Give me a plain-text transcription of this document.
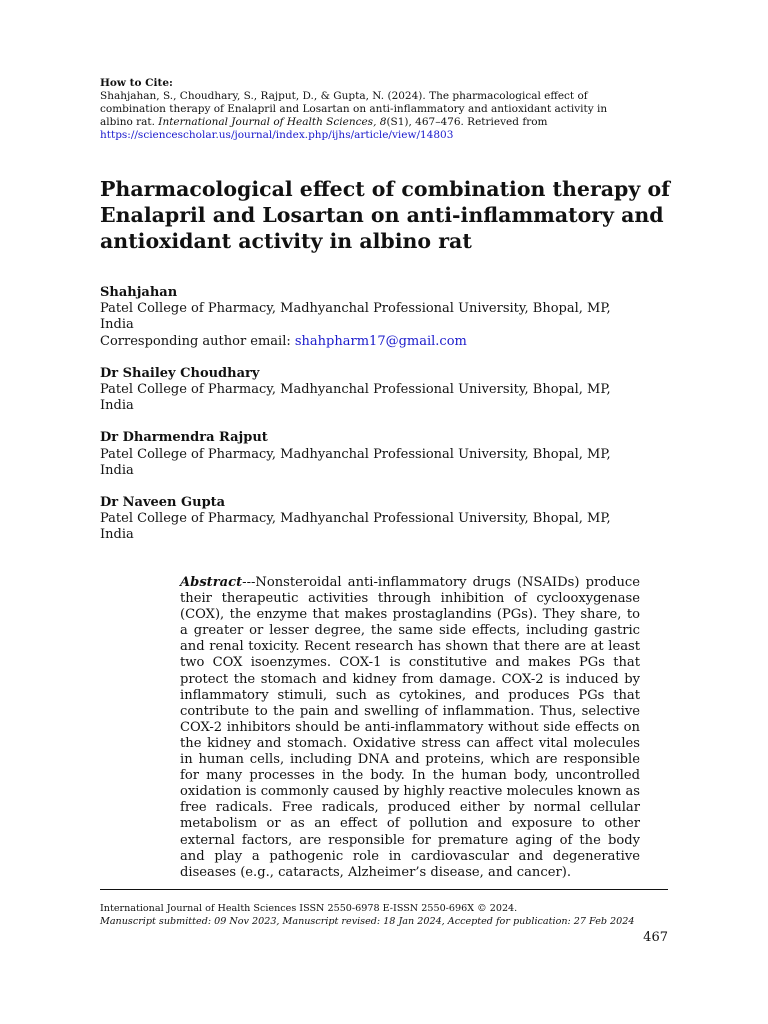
How to Cite:
Shahjahan, S., Choudhary, S., Rajput, D., & Gupta, N. (2024). The pharmacological effect of
combination therapy of Enalapril and Losartan on anti-inflammatory and antioxidant activity in
albino rat. International Journal of Health Sciences, 8(S1), 467–476. Retrieved from
https://sciencescholar.us/journal/index.php/ijhs/article/view/14803
Pharmacological effect of combination therapy of Enalapril and Losartan on anti-inflammatory and antioxidant activity in albino rat
Shahjahan
Patel College of Pharmacy, Madhyanchal Professional University, Bhopal, MP,
India
Corresponding author email: shahpharm17@gmail.com
Dr Shailey Choudhary
Patel College of Pharmacy, Madhyanchal Professional University, Bhopal, MP,
India
Dr Dharmendra Rajput
Patel College of Pharmacy, Madhyanchal Professional University, Bhopal, MP,
India
Dr Naveen Gupta
Patel College of Pharmacy, Madhyanchal Professional University, Bhopal, MP,
India
Abstract---Nonsteroidal anti-inflammatory drugs (NSAIDs) produce their therapeutic activities through inhibition of cyclooxygenase (COX), the enzyme that makes prostaglandins (PGs). They share, to a greater or lesser degree, the same side effects, including gastric and renal toxicity. Recent research has shown that there are at least two COX isoenzymes. COX-1 is constitutive and makes PGs that protect the stomach and kidney from damage. COX-2 is induced by inflammatory stimuli, such as cytokines, and produces PGs that contribute to the pain and swelling of inflammation. Thus, selective COX-2 inhibitors should be anti-inflammatory without side effects on the kidney and stomach. Oxidative stress can affect vital molecules in human cells, including DNA and proteins, which are responsible for many processes in the body. In the human body, uncontrolled oxidation is commonly caused by highly reactive molecules known as free radicals. Free radicals, produced either by normal cellular metabolism or as an effect of pollution and exposure to other external factors, are responsible for premature aging of the body and play a pathogenic role in cardiovascular and degenerative diseases (e.g., cataracts, Alzheimer’s disease, and cancer).
International Journal of Health Sciences ISSN 2550-6978 E-ISSN 2550-696X © 2024.
Manuscript submitted: 09 Nov 2023, Manuscript revised: 18 Jan 2024, Accepted for publication: 27 Feb 2024
467
